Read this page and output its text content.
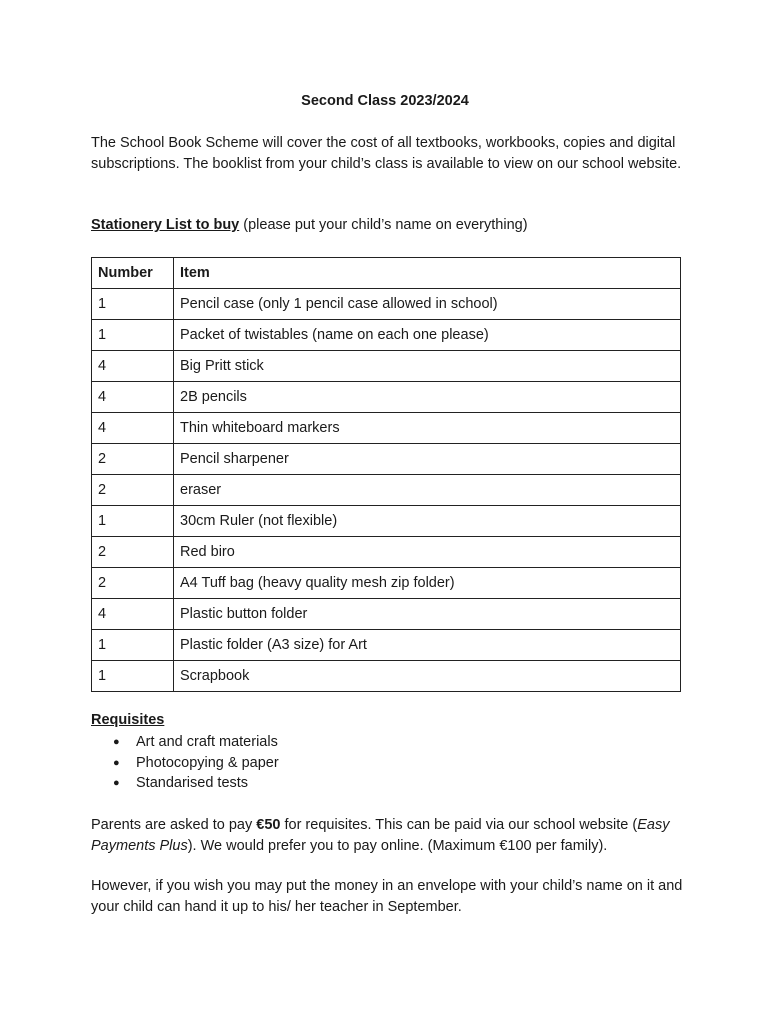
Second Class 2023/2024

The School Book Scheme will cover the cost of all textbooks, workbooks, copies and digital subscriptions. The booklist from your child’s class is available to view on our school website.

Stationery List to buy (please put your child’s name on everything)

Number	Item
1	Pencil case (only 1 pencil case allowed in school)
1	Packet of twistables (name on each one please)
4	Big Pritt stick
4	2B pencils
4	Thin whiteboard markers
2	Pencil sharpener
2	eraser
1	30cm Ruler (not flexible)
2	Red biro
2	A4 Tuff bag (heavy quality mesh zip folder)
4	Plastic button folder
1	Plastic folder (A3 size) for Art
1	Scrapbook
Requisites
● Art and craft materials
● Photocopying & paper
● Standarised tests

Parents are asked to pay €50 for requisites. This can be paid via our school website (Easy Payments Plus). We would prefer you to pay online. (Maximum €100 per family).

However, if you wish you may put the money in an envelope with your child’s name on it and your child can hand it up to his/ her teacher in September.
